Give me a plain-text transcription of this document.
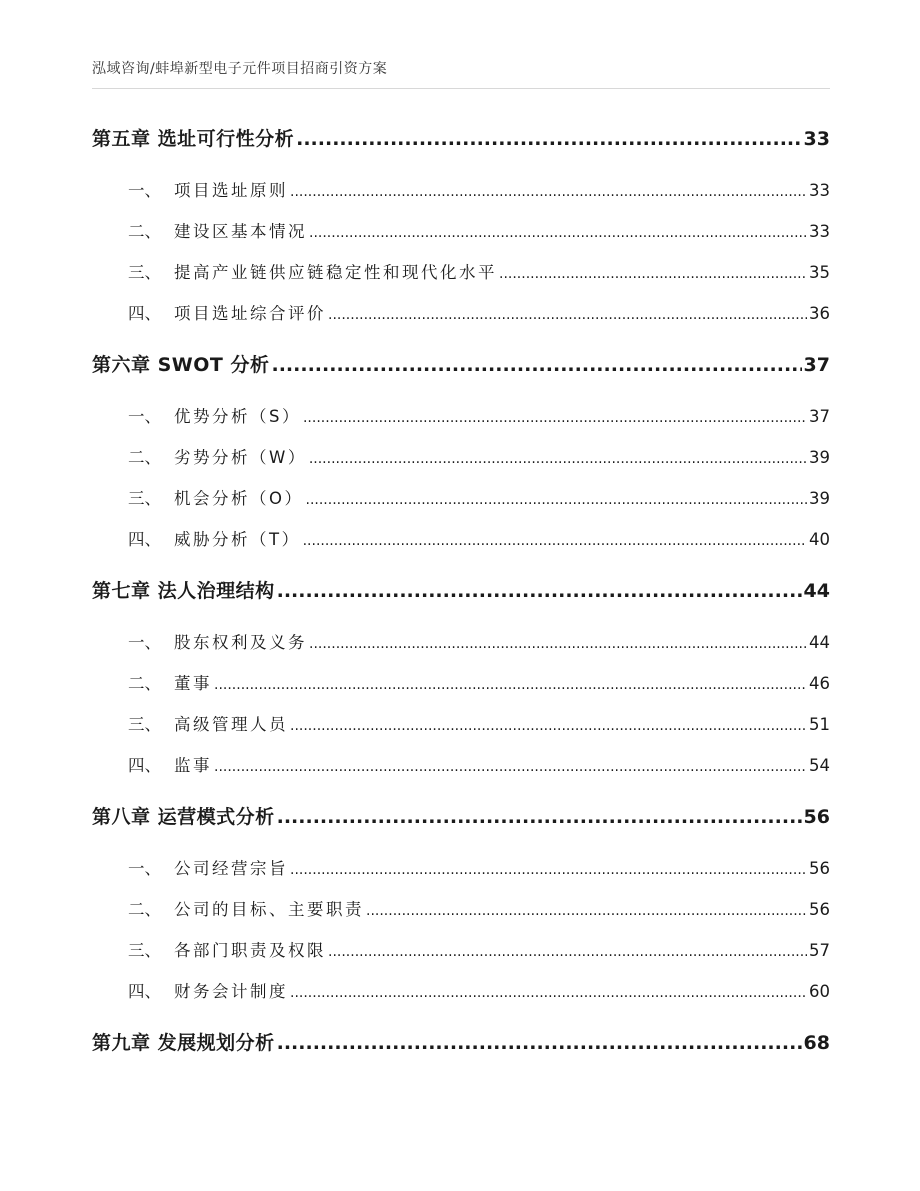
泓域咨询/蚌埠新型电子元件项目招商引资方案
第五章 选址可行性分析 .....	33
一、 项目选址原则 .....	33
二、 建设区基本情况 .....	33
三、 提高产业链供应链稳定性和现代化水平 .....	35
四、 项目选址综合评价 .....	36
第六章 SWOT 分析 .....	37
一、 优势分析（S） .....	37
二、 劣势分析（W） .....	39
三、 机会分析（O） .....	39
四、 威胁分析（T） .....	40
第七章 法人治理结构 .....	44
一、 股东权利及义务 .....	44
二、 董事 .....	46
三、 高级管理人员 .....	51
四、 监事 .....	54
第八章 运营模式分析 .....	56
一、 公司经营宗旨 .....	56
二、 公司的目标、主要职责 .....	56
三、 各部门职责及权限 .....	57
四、 财务会计制度 .....	60
第九章 发展规划分析 .....	68
